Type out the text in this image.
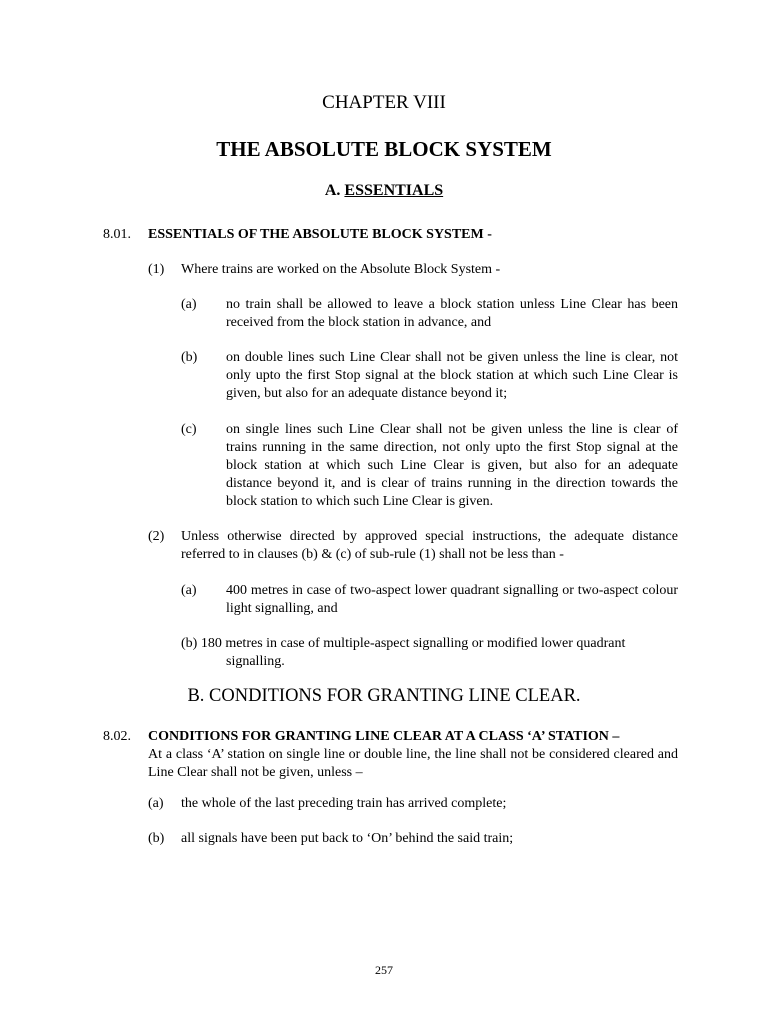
CHAPTER VIII
THE ABSOLUTE BLOCK SYSTEM
A. ESSENTIALS
8.01. ESSENTIALS OF THE ABSOLUTE BLOCK SYSTEM -
(1) Where trains are worked on the Absolute Block System -
(a) no train shall be allowed to leave a block station unless Line Clear has been received from the block station in advance, and
(b) on double lines such Line Clear shall not be given unless the line is clear, not only upto the first Stop signal at the block station at which such Line Clear is given, but also for an adequate distance beyond it;
(c) on single lines such Line Clear shall not be given unless the line is clear of trains running in the same direction, not only upto the first Stop signal at the block station at which such Line Clear is given, but also for an adequate distance beyond it, and is clear of trains running in the direction towards the block station to which such Line Clear is given.
(2) Unless otherwise directed by approved special instructions, the adequate distance referred to in clauses (b) & (c) of sub-rule (1) shall not be less than -
(a) 400 metres in case of two-aspect lower quadrant signalling or two-aspect colour light signalling, and
(b) 180 metres in case of multiple-aspect signalling or modified lower quadrant
signalling.
B. CONDITIONS FOR GRANTING LINE CLEAR.
8.02. CONDITIONS FOR GRANTING LINE CLEAR AT A CLASS ‘A’ STATION –
At a class ‘A’ station on single line or double line, the line shall not be considered cleared and Line Clear shall not be given, unless –
(a) the whole of the last preceding train has arrived complete;
(b) all signals have been put back to ‘On’ behind the said train;
257
